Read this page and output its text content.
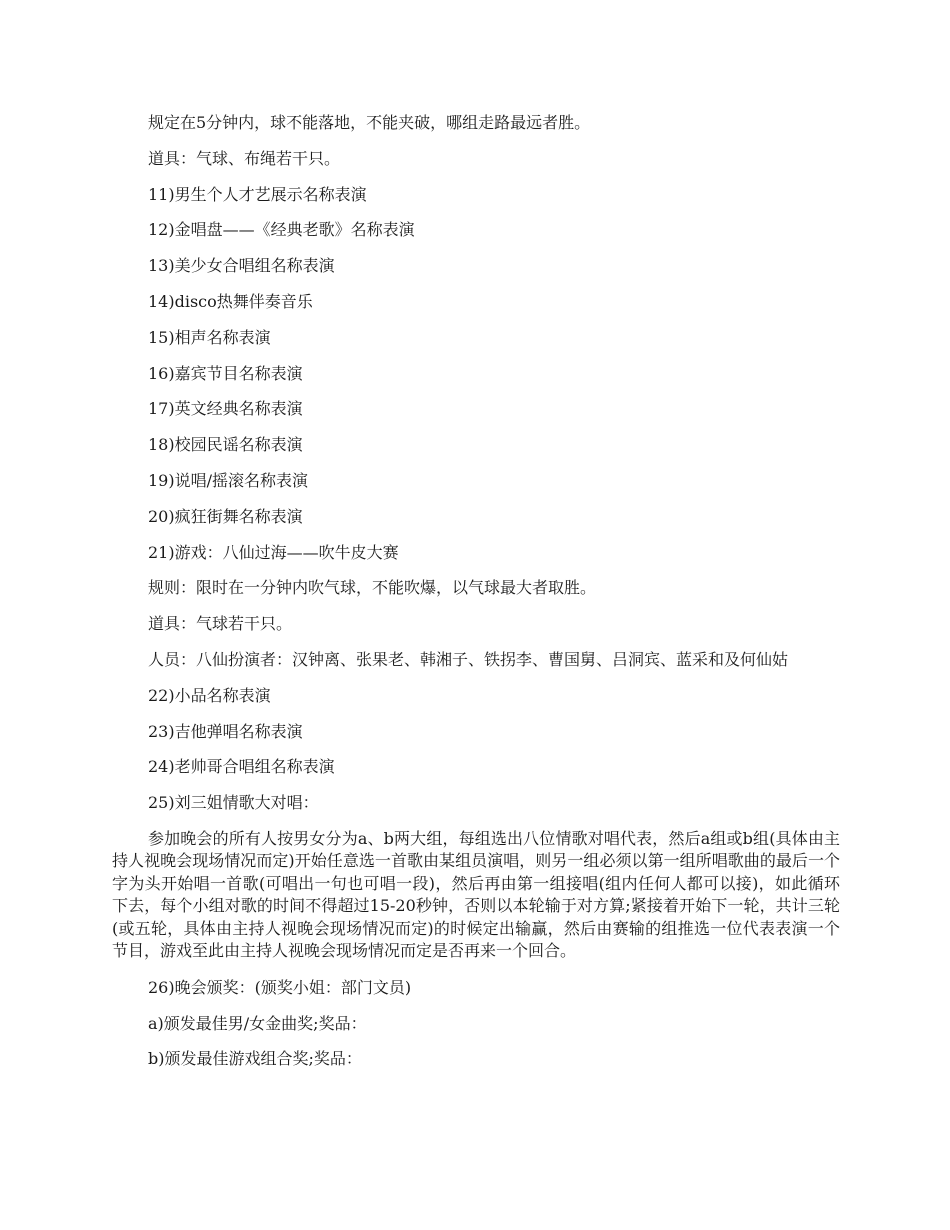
规定在5分钟内，球不能落地，不能夹破，哪组走路最远者胜。

道具：气球、布绳若干只。

11)男生个人才艺展示名称表演

12)金唱盘——《经典老歌》名称表演

13)美少女合唱组名称表演

14)disco热舞伴奏音乐

15)相声名称表演

16)嘉宾节目名称表演

17)英文经典名称表演

18)校园民谣名称表演

19)说唱/摇滚名称表演

20)疯狂街舞名称表演

21)游戏：八仙过海——吹牛皮大赛

规则：限时在一分钟内吹气球，不能吹爆，以气球最大者取胜。

道具：气球若干只。

人员：八仙扮演者：汉钟离、张果老、韩湘子、铁拐李、曹国舅、吕洞宾、蓝采和及何仙姑

22)小品名称表演

23)吉他弹唱名称表演

24)老帅哥合唱组名称表演

25)刘三姐情歌大对唱：

参加晚会的所有人按男女分为a、b两大组，每组选出八位情歌对唱代表，然后a组或b组(具体由主持人视晚会现场情况而定)开始任意选一首歌由某组员演唱，则另一组必须以第一组所唱歌曲的最后一个字为头开始唱一首歌(可唱出一句也可唱一段)，然后再由第一组接唱(组内任何人都可以接)，如此循环下去，每个小组对歌的时间不得超过15-20秒钟，否则以本轮输于对方算;紧接着开始下一轮，共计三轮(或五轮，具体由主持人视晚会现场情况而定)的时候定出输赢，然后由赛输的组推选一位代表表演一个节目，游戏至此由主持人视晚会现场情况而定是否再来一个回合。

26)晚会颁奖：(颁奖小姐：部门文员)

a)颁发最佳男/女金曲奖;奖品：

b)颁发最佳游戏组合奖;奖品：
